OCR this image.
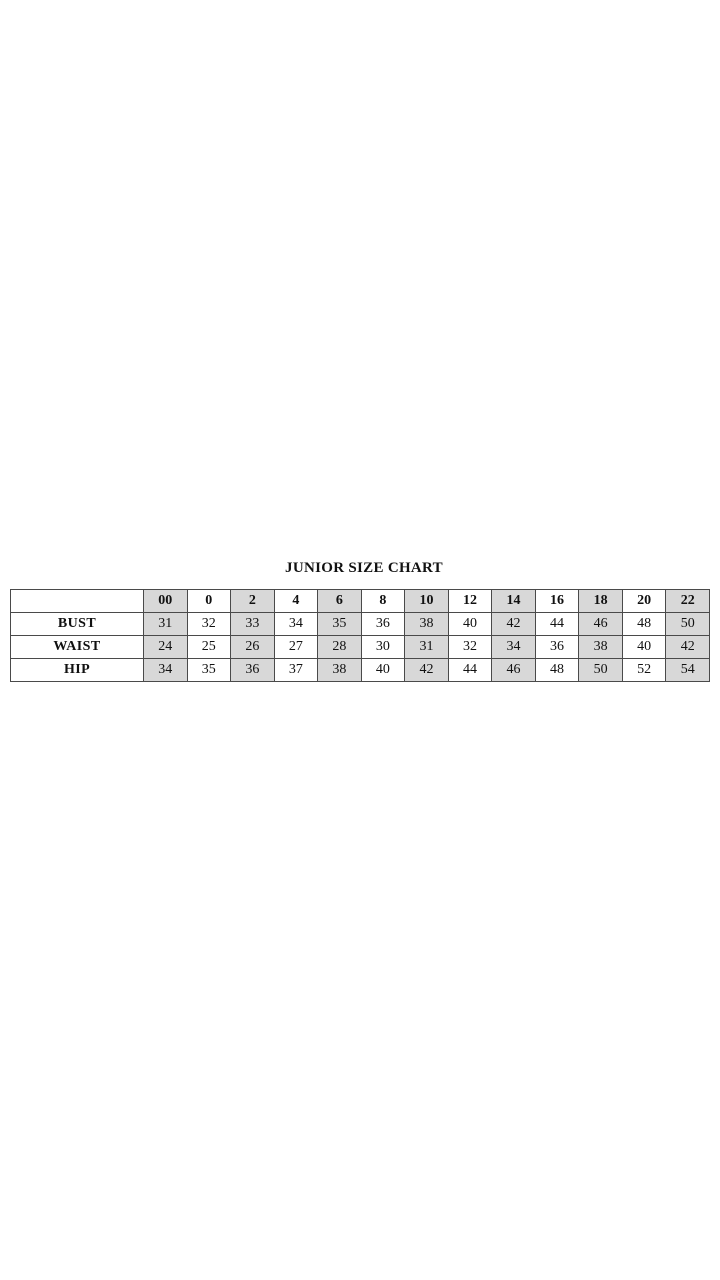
JUNIOR SIZE CHART
	00	0	2	4	6	8	10	12	14	16	18	20	22
BUST	31	32	33	34	35	36	38	40	42	44	46	48	50
WAIST	24	25	26	27	28	30	31	32	34	36	38	40	42
HIP	34	35	36	37	38	40	42	44	46	48	50	52	54
